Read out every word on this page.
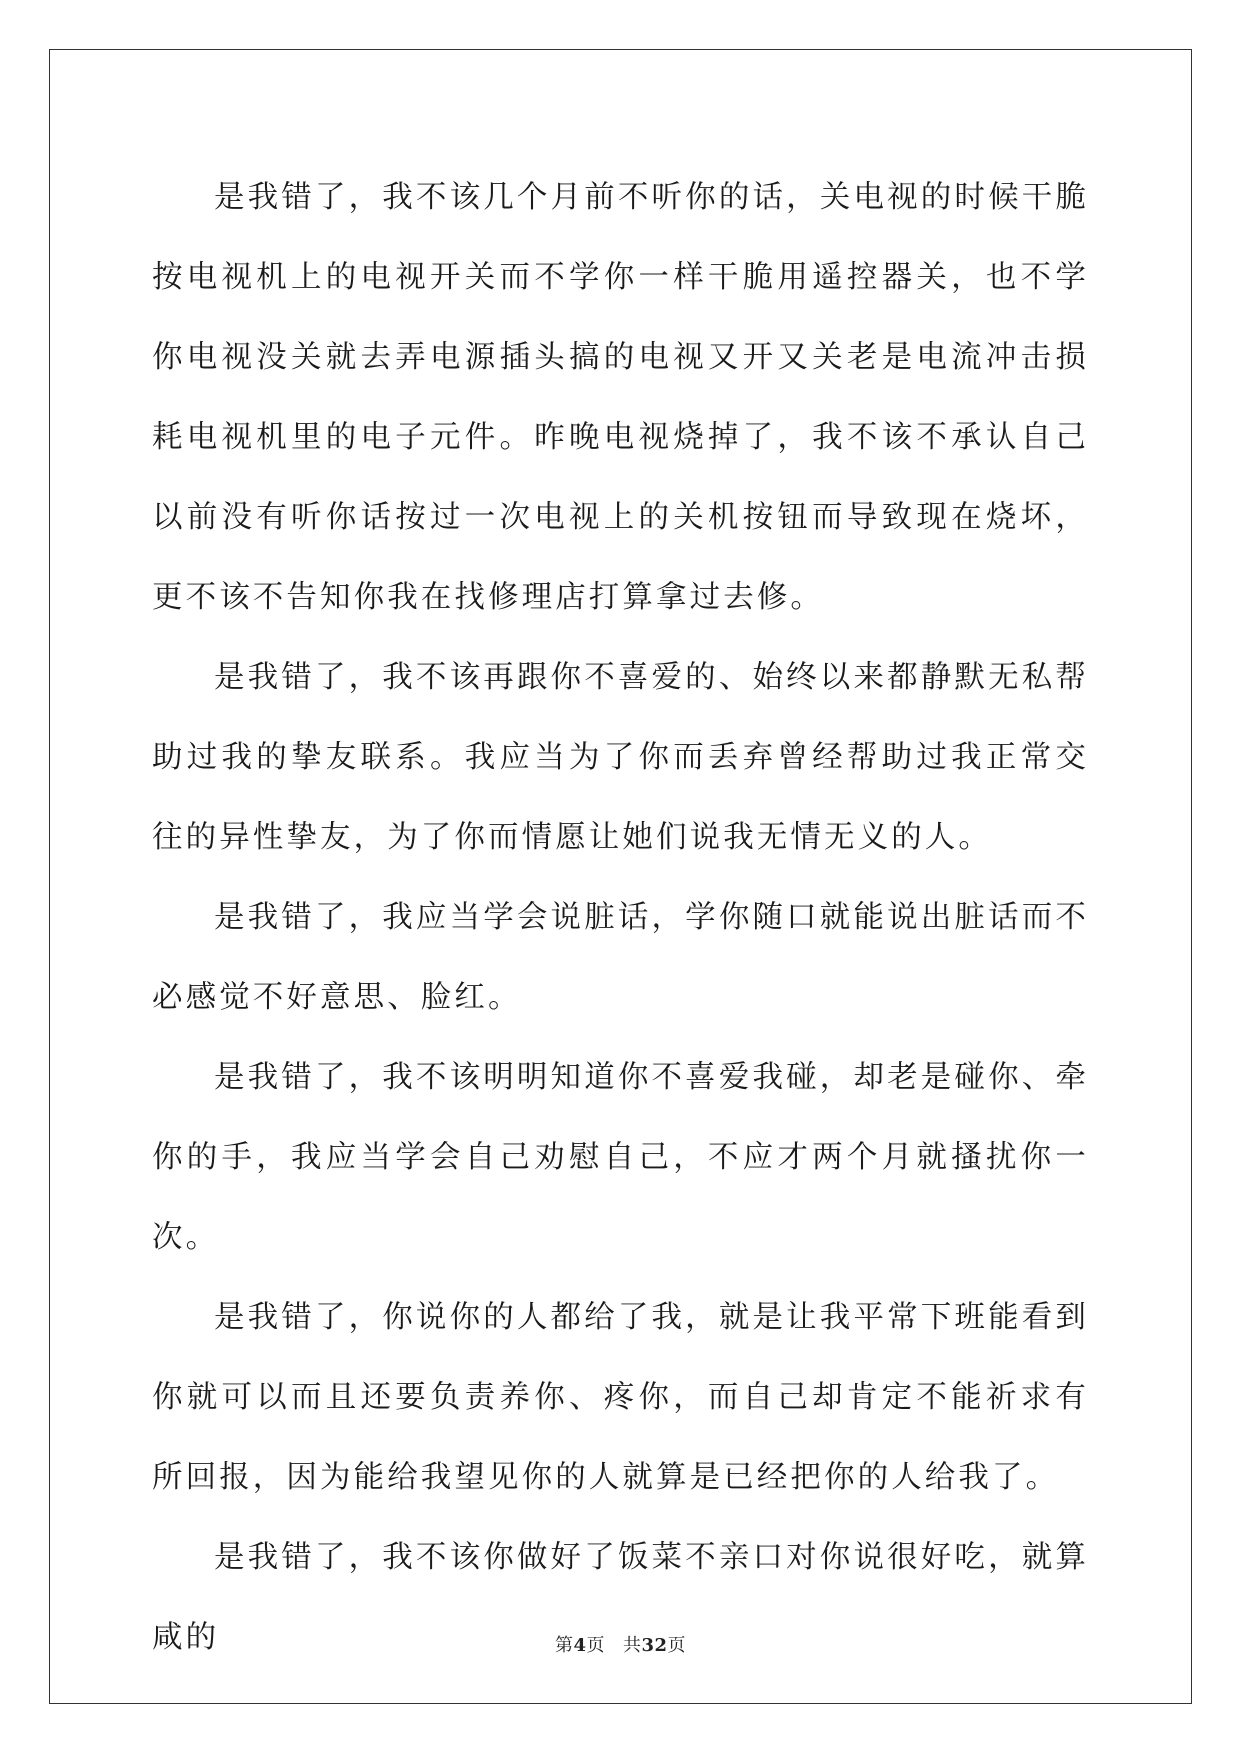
是我错了，我不该几个月前不听你的话，关电视的时候干脆按电视机上的电视开关而不学你一样干脆用遥控器关，也不学你电视没关就去弄电源插头搞的电视又开又关老是电流冲击损耗电视机里的电子元件。昨晚电视烧掉了，我不该不承认自己以前没有听你话按过一次电视上的关机按钮而导致现在烧坏，更不该不告知你我在找修理店打算拿过去修。

是我错了，我不该再跟你不喜爱的、始终以来都静默无私帮助过我的挚友联系。我应当为了你而丢弃曾经帮助过我正常交往的异性挚友，为了你而情愿让她们说我无情无义的人。

是我错了，我应当学会说脏话，学你随口就能说出脏话而不必感觉不好意思、脸红。

是我错了，我不该明明知道你不喜爱我碰，却老是碰你、牵你的手，我应当学会自己劝慰自己，不应才两个月就搔扰你一次。

是我错了，你说你的人都给了我，就是让我平常下班能看到你就可以而且还要负责养你、疼你，而自己却肯定不能祈求有所回报，因为能给我望见你的人就算是已经把你的人给我了。

是我错了，我不该你做好了饭菜不亲口对你说很好吃，就算咸的	第4页 共32页
